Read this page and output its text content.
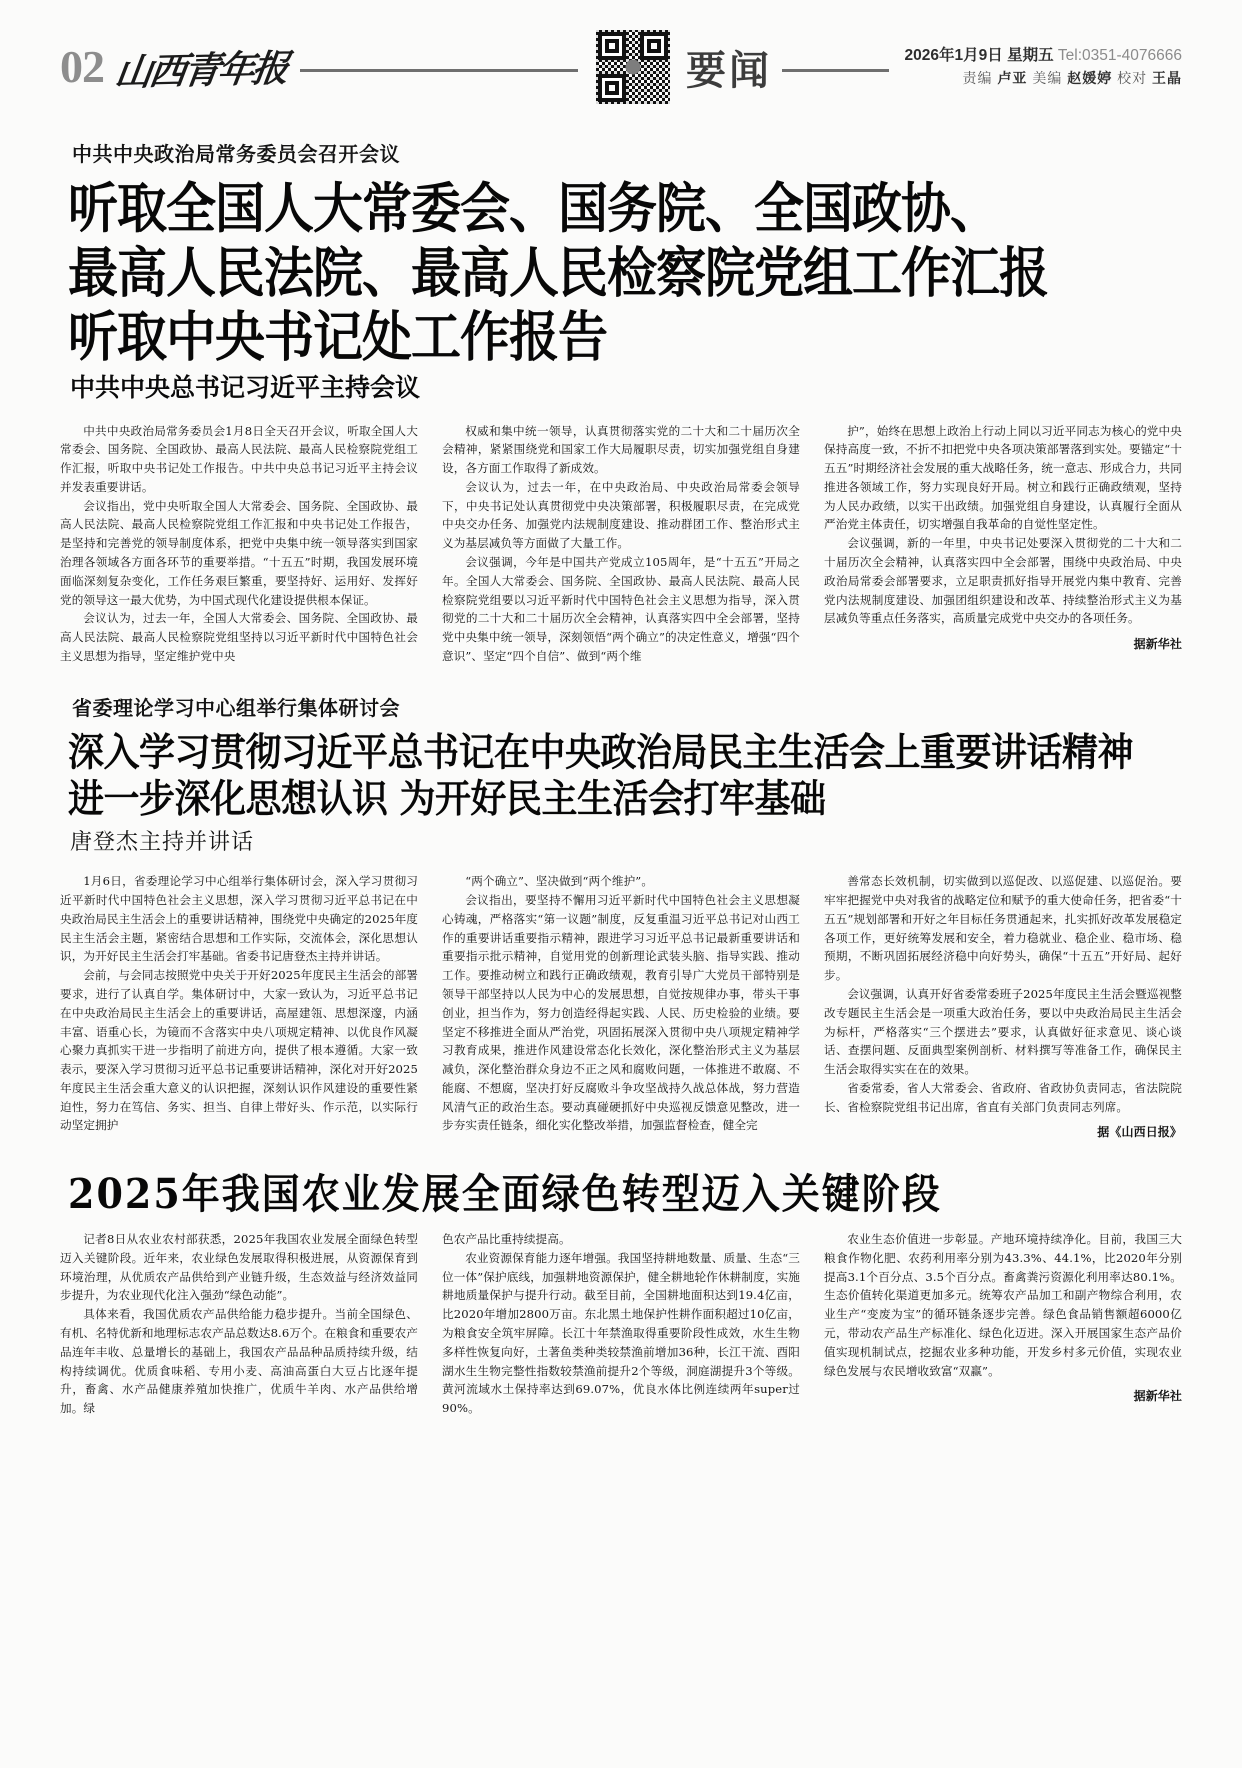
02 山西青年报	要闻	2026年1月9日 星期五 Tel:0351-4076666
责编 卢亚 美编 赵媛婷 校对 王晶
中共中央政治局常务委员会召开会议
听取全国人大常委会、国务院、全国政协、
最高人民法院、最高人民检察院党组工作汇报
听取中央书记处工作报告
中共中央总书记习近平主持会议

中共中央政治局常务委员会1月8日全天召开会议，听取全国人大常委会、国务院、全国政协、最高人民法院、最高人民检察院党组工作汇报，听取中央书记处工作报告。中共中央总书记习近平主持会议并发表重要讲话。

会议指出，党中央听取全国人大常委会、国务院、全国政协、最高人民法院、最高人民检察院党组工作汇报和中央书记处工作报告，是坚持和完善党的领导制度体系，把党中央集中统一领导落实到国家治理各领域各方面各环节的重要举措。“十五五”时期，我国发展环境面临深刻复杂变化，工作任务艰巨繁重，要坚持好、运用好、发挥好党的领导这一最大优势，为中国式现代化建设提供根本保证。

会议认为，过去一年，全国人大常委会、国务院、全国政协、最高人民法院、最高人民检察院党组坚持以习近平新时代中国特色社会主义思想为指导，坚定维护党中央

权威和集中统一领导，认真贯彻落实党的二十大和二十届历次全会精神，紧紧围绕党和国家工作大局履职尽责，切实加强党组自身建设，各方面工作取得了新成效。

会议认为，过去一年，在中央政治局、中央政治局常委会领导下，中央书记处认真贯彻党中央决策部署，积极履职尽责，在完成党中央交办任务、加强党内法规制度建设、推动群团工作、整治形式主义为基层减负等方面做了大量工作。

会议强调，今年是中国共产党成立105周年，是“十五五”开局之年。全国人大常委会、国务院、全国政协、最高人民法院、最高人民检察院党组要以习近平新时代中国特色社会主义思想为指导，深入贯彻党的二十大和二十届历次全会精神，认真落实四中全会部署，坚持党中央集中统一领导，深刻领悟“两个确立”的决定性意义，增强“四个意识”、坚定“四个自信”、做到“两个维

护”，始终在思想上政治上行动上同以习近平同志为核心的党中央保持高度一致，不折不扣把党中央各项决策部署落到实处。要锚定“十五五”时期经济社会发展的重大战略任务，统一意志、形成合力，共同推进各领域工作，努力实现良好开局。树立和践行正确政绩观，坚持为人民办政绩，以实干出政绩。加强党组自身建设，认真履行全面从严治党主体责任，切实增强自我革命的自觉性坚定性。

会议强调，新的一年里，中央书记处要深入贯彻党的二十大和二十届历次全会精神，认真落实四中全会部署，围绕中央政治局、中央政治局常委会部署要求，立足职责抓好指导开展党内集中教育、完善党内法规制度建设、加强团组织建设和改革、持续整治形式主义为基层减负等重点任务落实，高质量完成党中央交办的各项任务。

据新华社
省委理论学习中心组举行集体研讨会
深入学习贯彻习近平总书记在中央政治局民主生活会上重要讲话精神
进一步深化思想认识 为开好民主生活会打牢基础
唐登杰主持并讲话

1月6日，省委理论学习中心组举行集体研讨会，深入学习贯彻习近平新时代中国特色社会主义思想，深入学习贯彻习近平总书记在中央政治局民主生活会上的重要讲话精神，围绕党中央确定的2025年度民主生活会主题，紧密结合思想和工作实际，交流体会，深化思想认识，为开好民主生活会打牢基础。省委书记唐登杰主持并讲话。

会前，与会同志按照党中央关于开好2025年度民主生活会的部署要求，进行了认真自学。集体研讨中，大家一致认为，习近平总书记在中央政治局民主生活会上的重要讲话，高屋建瓴、思想深邃，内涵丰富、语重心长，为镜而不含落实中央八项规定精神、以优良作风凝心聚力真抓实干进一步指明了前进方向，提供了根本遵循。大家一致表示，要深入学习贯彻习近平总书记重要讲话精神，深化对开好2025年度民主生活会重大意义的认识把握，深刻认识作风建设的重要性紧迫性，努力在笃信、务实、担当、自律上带好头、作示范，以实际行动坚定拥护

“两个确立”、坚决做到“两个维护”。

会议指出，要坚持不懈用习近平新时代中国特色社会主义思想凝心铸魂，严格落实“第一议题”制度，反复重温习近平总书记对山西工作的重要讲话重要指示精神，跟进学习习近平总书记最新重要讲话和重要指示批示精神，自觉用党的创新理论武装头脑、指导实践、推动工作。要推动树立和践行正确政绩观，教育引导广大党员干部特别是领导干部坚持以人民为中心的发展思想，自觉按规律办事，带头干事创业，担当作为，努力创造经得起实践、人民、历史检验的业绩。要坚定不移推进全面从严治党，巩固拓展深入贯彻中央八项规定精神学习教育成果，推进作风建设常态化长效化，深化整治形式主义为基层减负，深化整治群众身边不正之风和腐败问题，一体推进不敢腐、不能腐、不想腐，坚决打好反腐败斗争攻坚战持久战总体战，努力营造风清气正的政治生态。要动真碰硬抓好中央巡视反馈意见整改，进一步夯实责任链条，细化实化整改举措，加强监督检查，健全完

善常态长效机制，切实做到以巡促改、以巡促建、以巡促治。要牢牢把握党中央对我省的战略定位和赋予的重大使命任务，把省委“十五五”规划部署和开好之年目标任务贯通起来，扎实抓好改革发展稳定各项工作，更好统筹发展和安全，着力稳就业、稳企业、稳市场、稳预期，不断巩固拓展经济稳中向好势头，确保“十五五”开好局、起好步。

会议强调，认真开好省委常委班子2025年度民主生活会暨巡视整改专题民主生活会是一项重大政治任务，要以中央政治局民主生活会为标杆，严格落实“三个摆进去”要求，认真做好征求意见、谈心谈话、查摆问题、反面典型案例剖析、材料撰写等准备工作，确保民主生活会取得实实在在的效果。

省委常委，省人大常委会、省政府、省政协负责同志，省法院院长、省检察院党组书记出席，省直有关部门负责同志列席。

据《山西日报》
2025年我国农业发展全面绿色转型迈入关键阶段

记者8日从农业农村部获悉，2025年我国农业发展全面绿色转型迈入关键阶段。近年来，农业绿色发展取得积极进展，从资源保育到环境治理，从优质农产品供给到产业链升级，生态效益与经济效益同步提升，为农业现代化注入强劲“绿色动能”。

具体来看，我国优质农产品供给能力稳步提升。当前全国绿色、有机、名特优新和地理标志农产品总数达8.6万个。在粮食和重要农产品连年丰收、总量增长的基础上，我国农产品品种品质持续升级，结构持续调优。优质食味稻、专用小麦、高油高蛋白大豆占比逐年提升，畜禽、水产品健康养殖加快推广，优质牛羊肉、水产品供给增加。绿

色农产品比重持续提高。

农业资源保育能力逐年增强。我国坚持耕地数量、质量、生态“三位一体”保护底线，加强耕地资源保护，健全耕地轮作休耕制度，实施耕地质量保护与提升行动。截至目前，全国耕地面积达到19.4亿亩，比2020年增加2800万亩。东北黑土地保护性耕作面积超过10亿亩，为粮食安全筑牢屏障。长江十年禁渔取得重要阶段性成效，水生生物多样性恢复向好，土著鱼类种类较禁渔前增加36种，长江干流、酉阳湖水生生物完整性指数较禁渔前提升2个等级，洞庭湖提升3个等级。黄河流域水土保持率达到69.07%，优良水体比例连续两年super过90%。

农业生态价值进一步彰显。产地环境持续净化。目前，我国三大粮食作物化肥、农药利用率分别为43.3%、44.1%，比2020年分别提高3.1个百分点、3.5个百分点。畜禽粪污资源化利用率达80.1%。生态价值转化渠道更加多元。统筹农产品加工和副产物综合利用，农业生产“变废为宝”的循环链条逐步完善。绿色食品销售额超6000亿元，带动农产品生产标准化、绿色化迈进。深入开展国家生态产品价值实现机制试点，挖掘农业多种功能，开发乡村多元价值，实现农业绿色发展与农民增收致富“双赢”。

据新华社
